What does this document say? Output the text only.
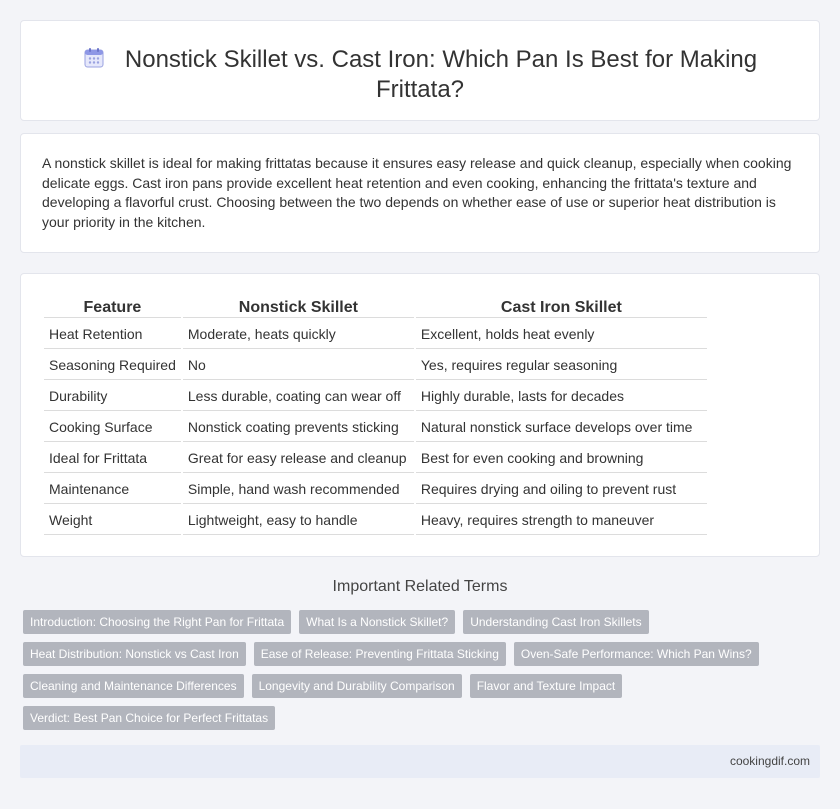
Nonstick Skillet vs. Cast Iron: Which Pan Is Best for Making Frittata?

A nonstick skillet is ideal for making frittatas because it ensures easy release and quick cleanup, especially when cooking delicate eggs. Cast iron pans provide excellent heat retention and even cooking, enhancing the frittata's texture and developing a flavorful crust. Choosing between the two depends on whether ease of use or superior heat distribution is your priority in the kitchen.

Feature	Nonstick Skillet	Cast Iron Skillet
Heat Retention	Moderate, heats quickly	Excellent, holds heat evenly
Seasoning Required	No	Yes, requires regular seasoning
Durability	Less durable, coating can wear off	Highly durable, lasts for decades
Cooking Surface	Nonstick coating prevents sticking	Natural nonstick surface develops over time
Ideal for Frittata	Great for easy release and cleanup	Best for even cooking and browning
Maintenance	Simple, hand wash recommended	Requires drying and oiling to prevent rust
Weight	Lightweight, easy to handle	Heavy, requires strength to maneuver
Important Related Terms
Introduction: Choosing the Right Pan for Frittata	What Is a Nonstick Skillet?	Understanding Cast Iron Skillets
Heat Distribution: Nonstick vs Cast Iron	Ease of Release: Preventing Frittata Sticking	Oven-Safe Performance: Which Pan Wins?
Cleaning and Maintenance Differences	Longevity and Durability Comparison	Flavor and Texture Impact
Verdict: Best Pan Choice for Perfect Frittatas
cookingdif.com
